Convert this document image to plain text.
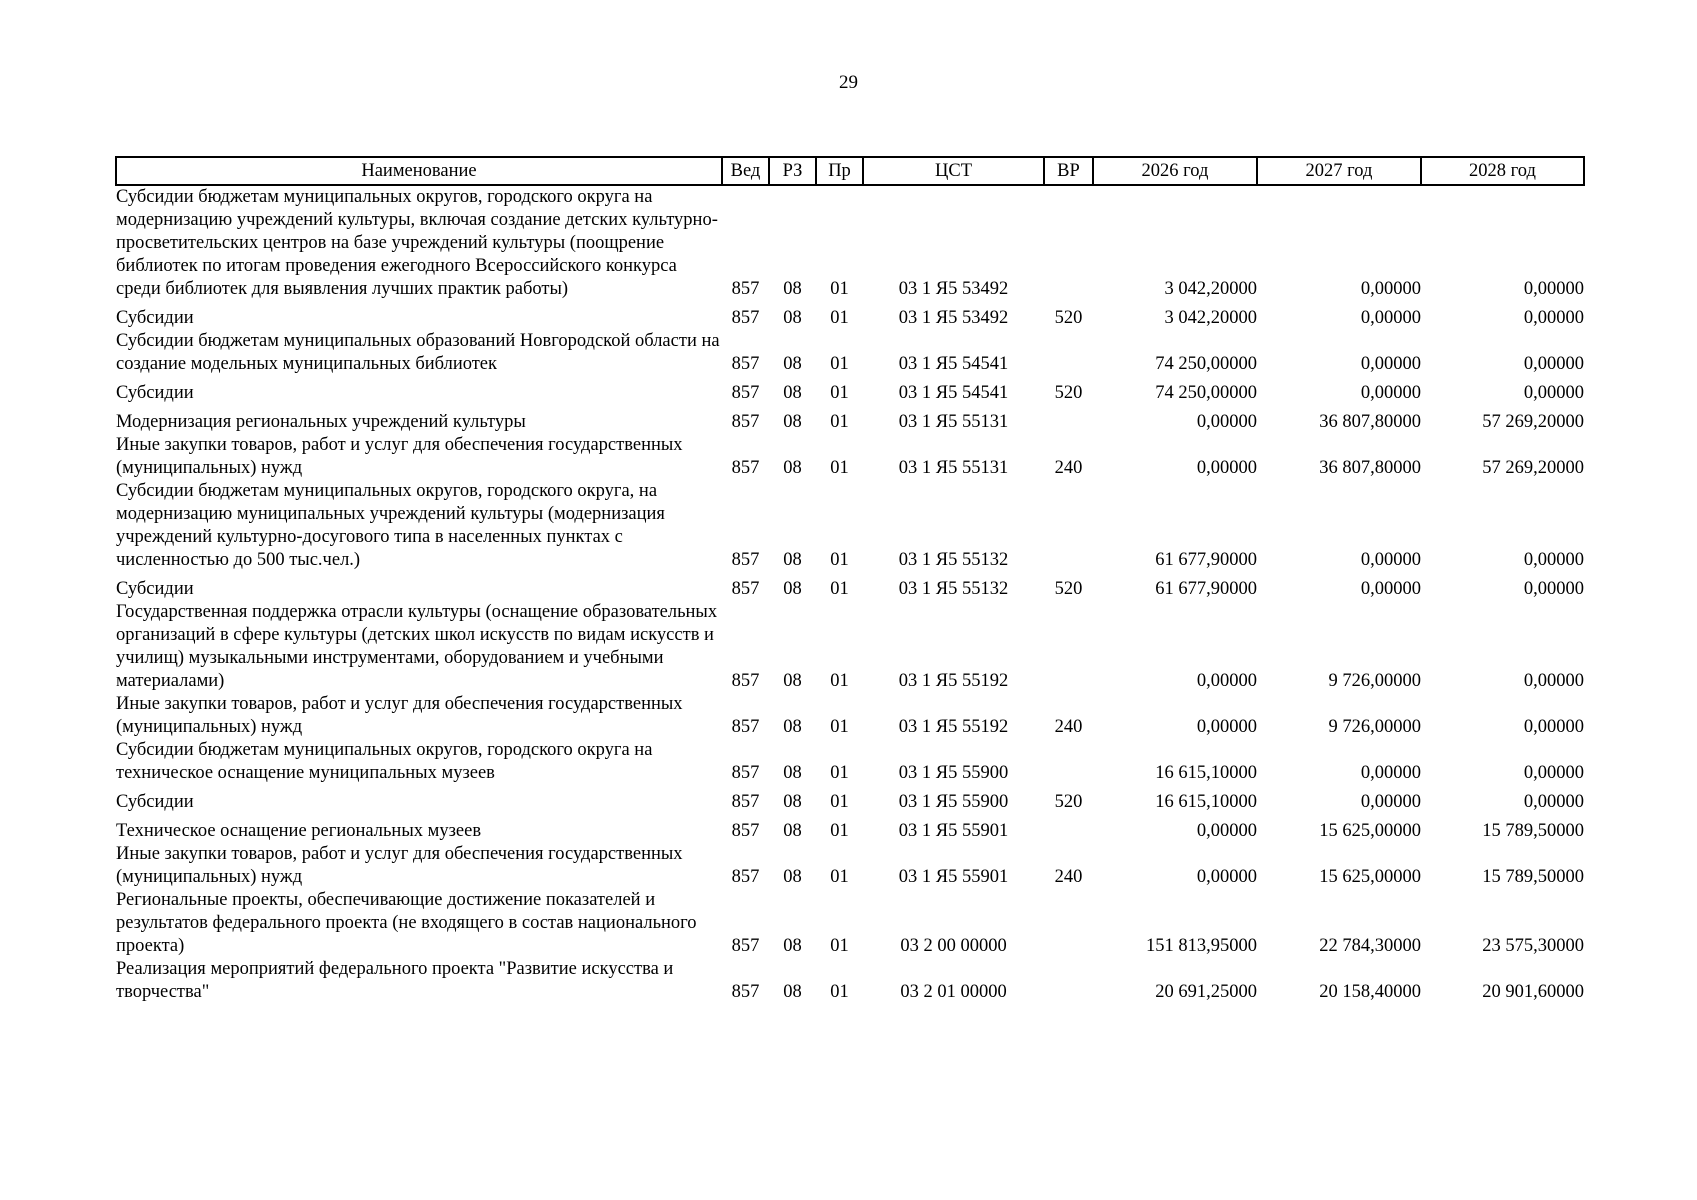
29
Наименование	Вед	РЗ	Пр	ЦСТ	ВР	2026 год	2027 год	2028 год
Субсидии бюджетам муниципальных округов, городского округа на модернизацию учреждений культуры, включая создание детских культурно-просветительских центров на базе учреждений культуры (поощрение библиотек по итогам проведения ежегодного Всероссийского конкурса среди библиотек для выявления лучших практик работы)	857	08	01	03 1 Я5 53492		3 042,20000	0,00000	0,00000
Субсидии	857	08	01	03 1 Я5 53492	520	3 042,20000	0,00000	0,00000
Субсидии бюджетам муниципальных образований Новгородской области на создание модельных муниципальных библиотек	857	08	01	03 1 Я5 54541		74 250,00000	0,00000	0,00000
Субсидии	857	08	01	03 1 Я5 54541	520	74 250,00000	0,00000	0,00000
Модернизация региональных учреждений культуры	857	08	01	03 1 Я5 55131		0,00000	36 807,80000	57 269,20000
Иные закупки товаров, работ и услуг для обеспечения государственных (муниципальных) нужд	857	08	01	03 1 Я5 55131	240	0,00000	36 807,80000	57 269,20000
Субсидии бюджетам муниципальных округов, городского округа, на модернизацию муниципальных учреждений культуры (модернизация учреждений культурно-досугового типа в населенных пунктах с численностью до 500 тыс.чел.)	857	08	01	03 1 Я5 55132		61 677,90000	0,00000	0,00000
Субсидии	857	08	01	03 1 Я5 55132	520	61 677,90000	0,00000	0,00000
Государственная поддержка отрасли культуры (оснащение образовательных организаций в сфере культуры (детских школ искусств по видам искусств и училищ) музыкальными инструментами, оборудованием и учебными материалами)	857	08	01	03 1 Я5 55192		0,00000	9 726,00000	0,00000
Иные закупки товаров, работ и услуг для обеспечения государственных (муниципальных) нужд	857	08	01	03 1 Я5 55192	240	0,00000	9 726,00000	0,00000
Субсидии бюджетам муниципальных округов, городского округа на техническое оснащение муниципальных музеев	857	08	01	03 1 Я5 55900		16 615,10000	0,00000	0,00000
Субсидии	857	08	01	03 1 Я5 55900	520	16 615,10000	0,00000	0,00000
Техническое оснащение региональных музеев	857	08	01	03 1 Я5 55901		0,00000	15 625,00000	15 789,50000
Иные закупки товаров, работ и услуг для обеспечения государственных (муниципальных) нужд	857	08	01	03 1 Я5 55901	240	0,00000	15 625,00000	15 789,50000
Региональные проекты, обеспечивающие достижение показателей и результатов федерального проекта (не входящего в состав национального проекта)	857	08	01	03 2 00 00000		151 813,95000	22 784,30000	23 575,30000
Реализация мероприятий федерального проекта "Развитие искусства и творчества"	857	08	01	03 2 01 00000		20 691,25000	20 158,40000	20 901,60000
